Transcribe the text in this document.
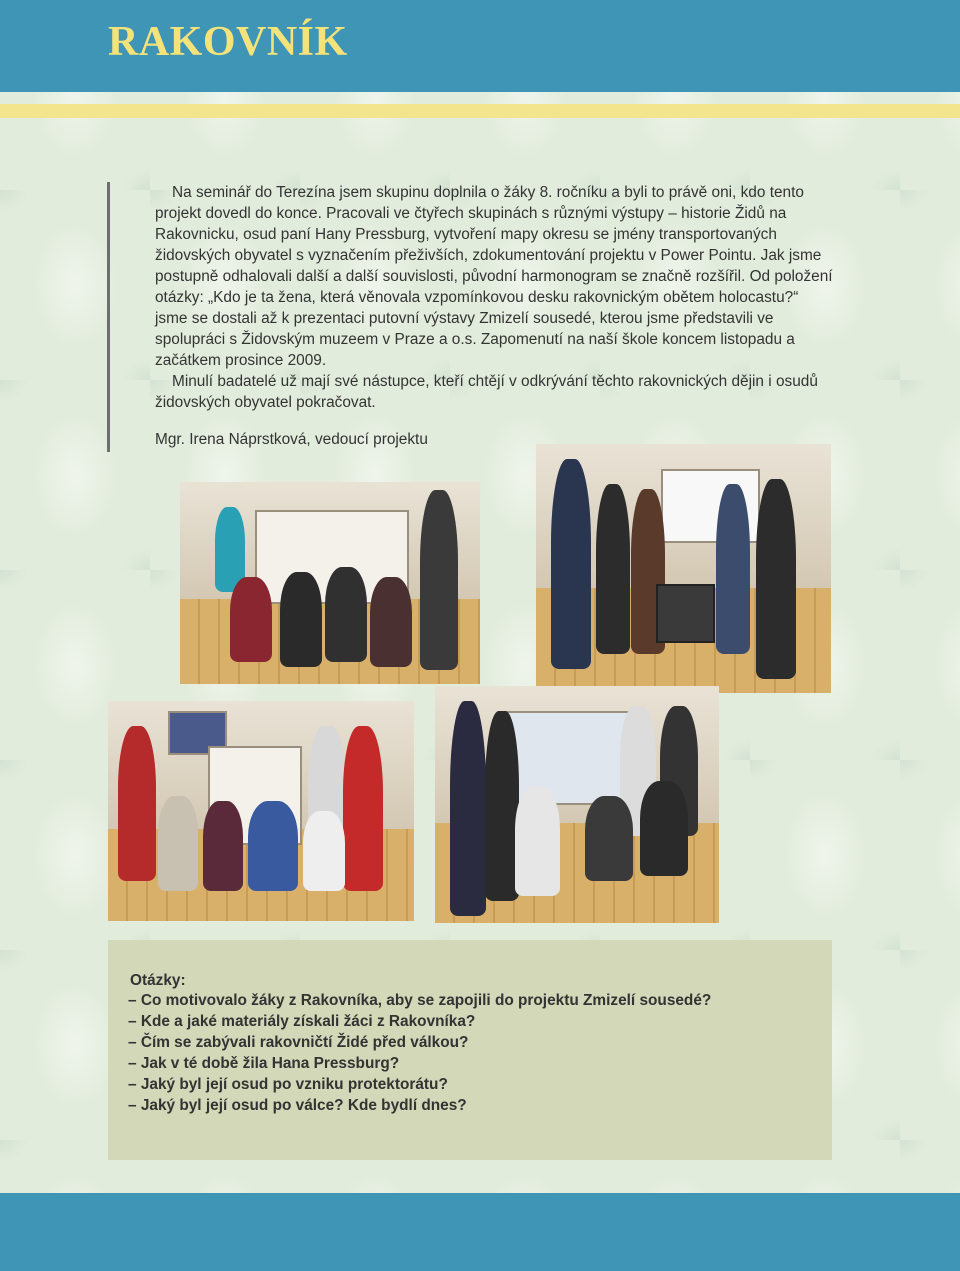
RAKOVNÍK

Na seminář do Terezína jsem skupinu doplnila o žáky 8. ročníku a byli to právě oni, kdo tento projekt dovedl do konce. Pracovali ve čtyřech skupinách s různými výstupy – historie Židů na Rakovnicku, osud paní Hany Pressburg, vytvoření mapy okresu se jmény transportovaných židovských obyvatel s vyznačením přeživších, zdokumentování projektu v Power Pointu. Jak jsme postupně odhalovali další a další souvislosti, původní harmonogram se značně rozšířil. Od položení otázky: „Kdo je ta žena, která věnovala vzpomínkovou desku rakovnickým obětem holocastu?“ jsme se dostali až k prezentaci putovní výstavy Zmizelí sousedé, kterou jsme představili ve spolupráci s Židovským muzeem v Praze a o.s. Zapomenutí na naší škole koncem listopadu a začátkem prosince 2009.

Minulí badatelé už mají své nástupce, kteří chtějí v odkrývání těchto rakovnických dějin i osudů židovských obyvatel pokračovat.

Mgr. Irena Náprstková, vedoucí projektu
Otázky:
– Co motivovalo žáky z Rakovníka, aby se zapojili do projektu Zmizelí sousedé?
– Kde a jaké materiály získali žáci z Rakovníka?
– Čím se zabývali rakovničtí Židé před válkou?
– Jak v té době žila Hana Pressburg?
– Jaký byl její osud po vzniku protektorátu?
– Jaký byl její osud po válce? Kde bydlí dnes?
